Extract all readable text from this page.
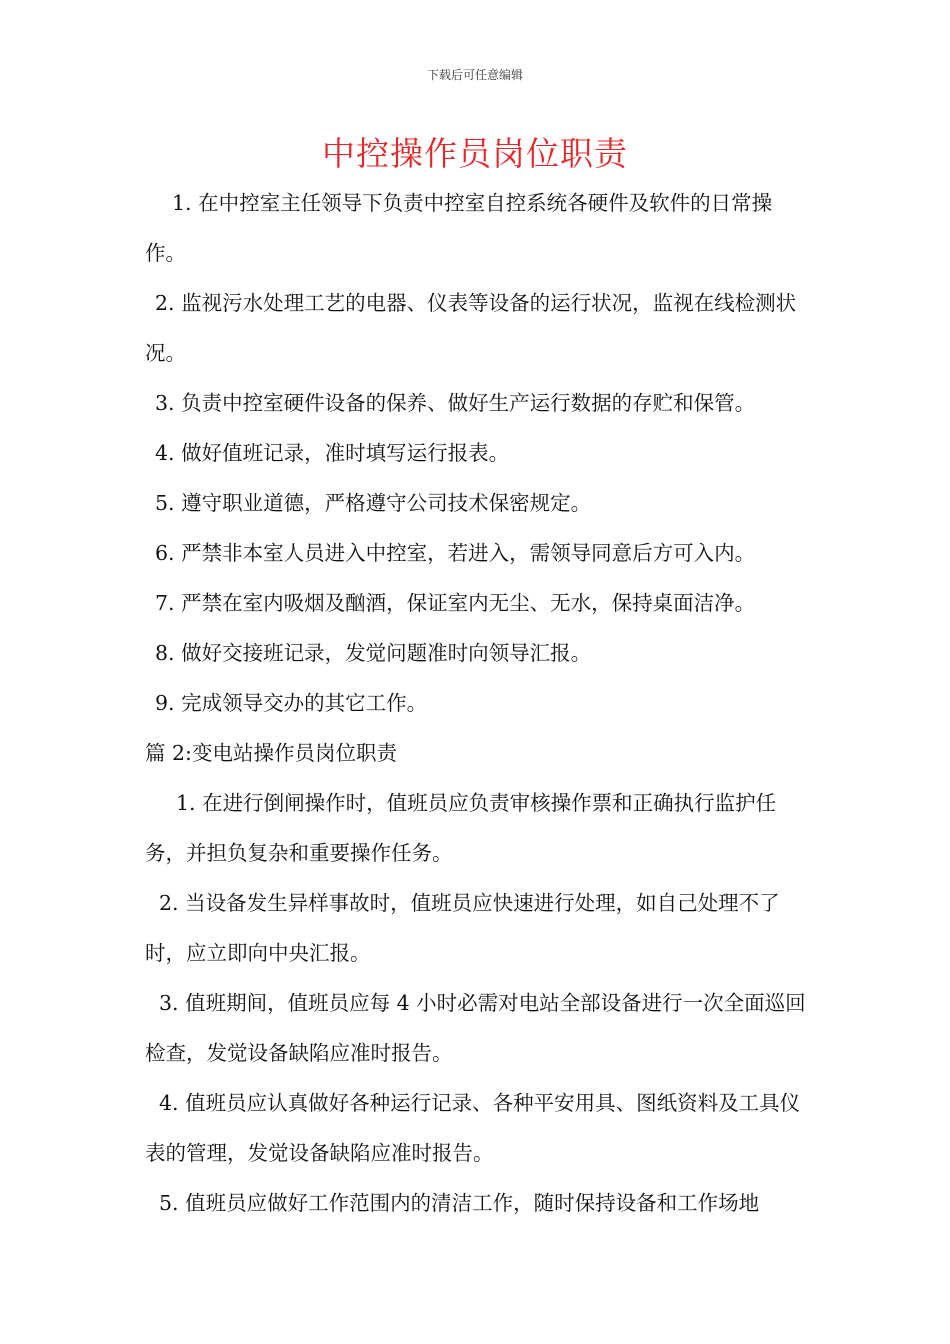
下载后可任意编辑
中控操作员岗位职责

1. 在中控室主任领导下负责中控室自控系统各硬件及软件的日常操作。

2. 监视污水处理工艺的电器、仪表等设备的运行状况，监视在线检测状况。

3. 负责中控室硬件设备的保养、做好生产运行数据的存贮和保管。

4. 做好值班记录，准时填写运行报表。

5. 遵守职业道德，严格遵守公司技术保密规定。

6. 严禁非本室人员进入中控室，若进入，需领导同意后方可入内。

7. 严禁在室内吸烟及酗酒，保证室内无尘、无水，保持桌面洁净。

8. 做好交接班记录，发觉问题准时向领导汇报。

9. 完成领导交办的其它工作。

篇 2:变电站操作员岗位职责

1. 在进行倒闸操作时，值班员应负责审核操作票和正确执行监护任务，并担负复杂和重要操作任务。

2. 当设备发生异样事故时，值班员应快速进行处理，如自己处理不了时，应立即向中央汇报。

3. 值班期间，值班员应每 4 小时必需对电站全部设备进行一次全面巡回检查，发觉设备缺陷应准时报告。

4. 值班员应认真做好各种运行记录、各种平安用具、图纸资料及工具仪表的管理，发觉设备缺陷应准时报告。

5. 值班员应做好工作范围内的清洁工作，随时保持设备和工作场地
